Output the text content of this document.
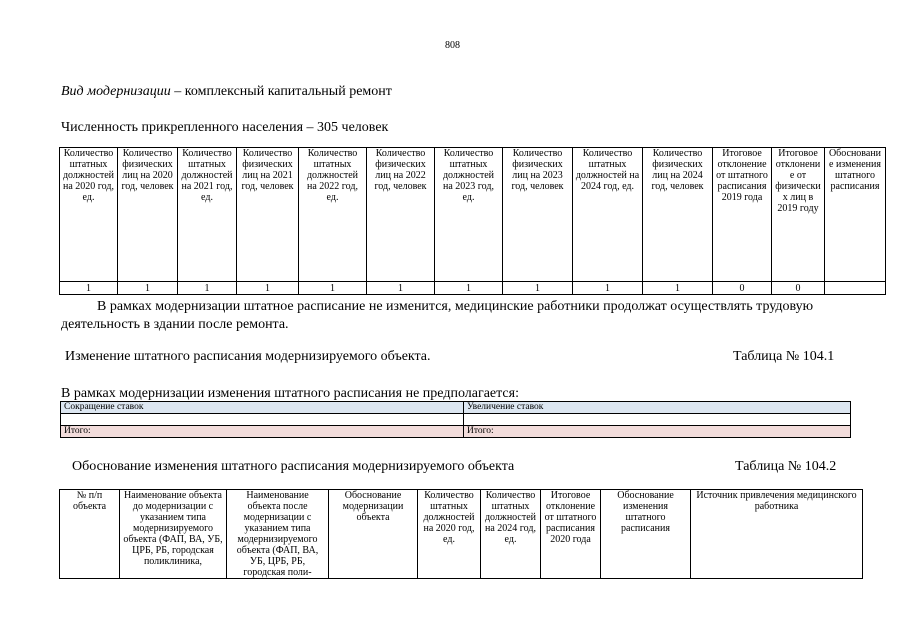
808
Вид модернизации – комплексный капитальный ремонт
Численность прикрепленного населения – 305 человек
Количество штатных должностей на 2020 год, ед.	Количество физических лиц на 2020 год, человек	Количество штатных должностей на 2021 год, ед.	Количество физических лиц на 2021 год, человек	Количество штатных должностей на 2022 год, ед.	Количество физических лиц на 2022 год, человек	Количество штатных должностей на 2023 год, ед.	Количество физических лиц на 2023 год, человек	Количество штатных должностей на 2024 год, ед.	Количество физических лиц на 2024 год, человек	Итоговое отклонение от штатного расписания 2019 года	Итоговое отклонение от физических лиц в 2019 году	Обоснование изменения штатного расписания
1	1	1	1	1	1	1	1	1	1	0	0	
В рамках модернизации штатное расписание не изменится, медицинские работники продолжат осуществлять трудовую деятельность в здании после ремонта.
Изменение штатного расписания модернизируемого объекта.	Таблица № 104.1
В рамках модернизации изменения штатного расписания не предполагается:
Сокращение ставок	Увеличение ставок

Итого:	Итого:
Обоснование изменения штатного расписания модернизируемого объекта	Таблица № 104.2
№ п/п объекта	Наименование объекта до модернизации с указанием типа модернизируемого объекта (ФАП, ВА, УБ, ЦРБ, РБ, городская поликлиника,	Наименование объекта после модернизации с указанием типа модернизируемого объекта (ФАП, ВА, УБ, ЦРБ, РБ, городская поли-	Обоснование модернизации объекта	Количество штатных должностей на 2020 год, ед.	Количество штатных должностей на 2024 год, ед.	Итоговое отклонение от штатного расписания 2020 года	Обоснование изменения штатного расписания	Источник привлечения медицинского работника
